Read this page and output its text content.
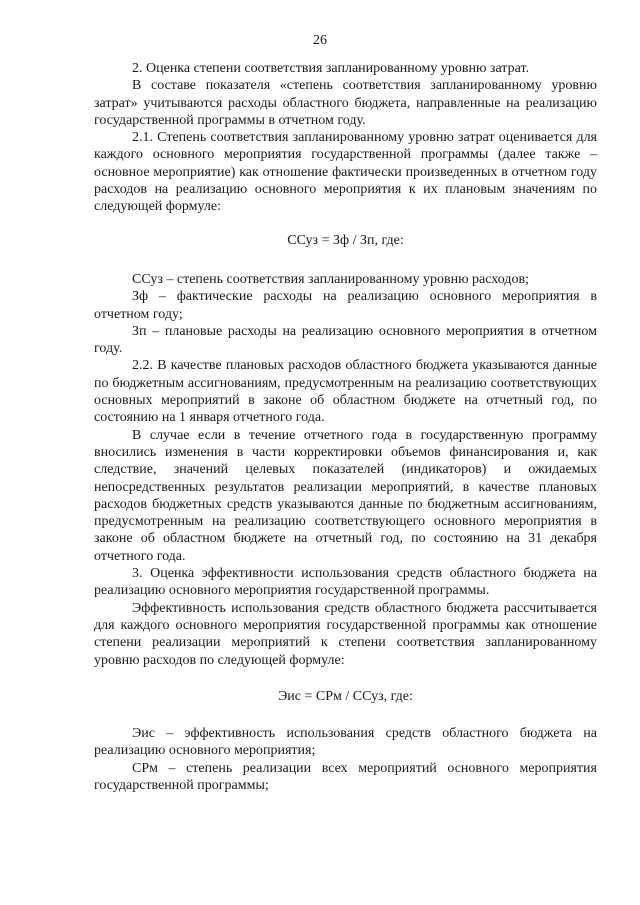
26

2. Оценка степени соответствия запланированному уровню затрат.

В составе показателя «степень соответствия запланированному уровню затрат» учитываются расходы областного бюджета, направленные на реализацию государственной программы в отчетном году.

2.1. Степень соответствия запланированному уровню затрат оценивается для каждого основного мероприятия государственной программы (далее также – основное мероприятие) как отношение фактически произведенных в отчетном году расходов на реализацию основного мероприятия к их плановым значениям по следующей формуле:

ССуз = Зф / Зп, где:

ССуз – степень соответствия запланированному уровню расходов;

Зф – фактические расходы на реализацию основного мероприятия в отчетном году;

Зп – плановые расходы на реализацию основного мероприятия в отчетном году.

2.2. В качестве плановых расходов областного бюджета указываются данные по бюджетным ассигнованиям, предусмотренным на реализацию соответствующих основных мероприятий в законе об областном бюджете на отчетный год, по состоянию на 1 января отчетного года.

В случае если в течение отчетного года в государственную программу вносились изменения в части корректировки объемов финансирования и, как следствие, значений целевых показателей (индикаторов) и ожидаемых непосредственных результатов реализации мероприятий, в качестве плановых расходов бюджетных средств указываются данные по бюджетным ассигнованиям, предусмотренным на реализацию соответствующего основного мероприятия в законе об областном бюджете на отчетный год, по состоянию на 31 декабря отчетного года.

3. Оценка эффективности использования средств областного бюджета на реализацию основного мероприятия государственной программы.

Эффективность использования средств областного бюджета рассчитывается для каждого основного мероприятия государственной программы как отношение степени реализации мероприятий к степени соответствия запланированному уровню расходов по следующей формуле:

Эис = СРм / ССуз, где:

Эис – эффективность использования средств областного бюджета на реализацию основного мероприятия;

СРм – степень реализации всех мероприятий основного мероприятия государственной программы;
